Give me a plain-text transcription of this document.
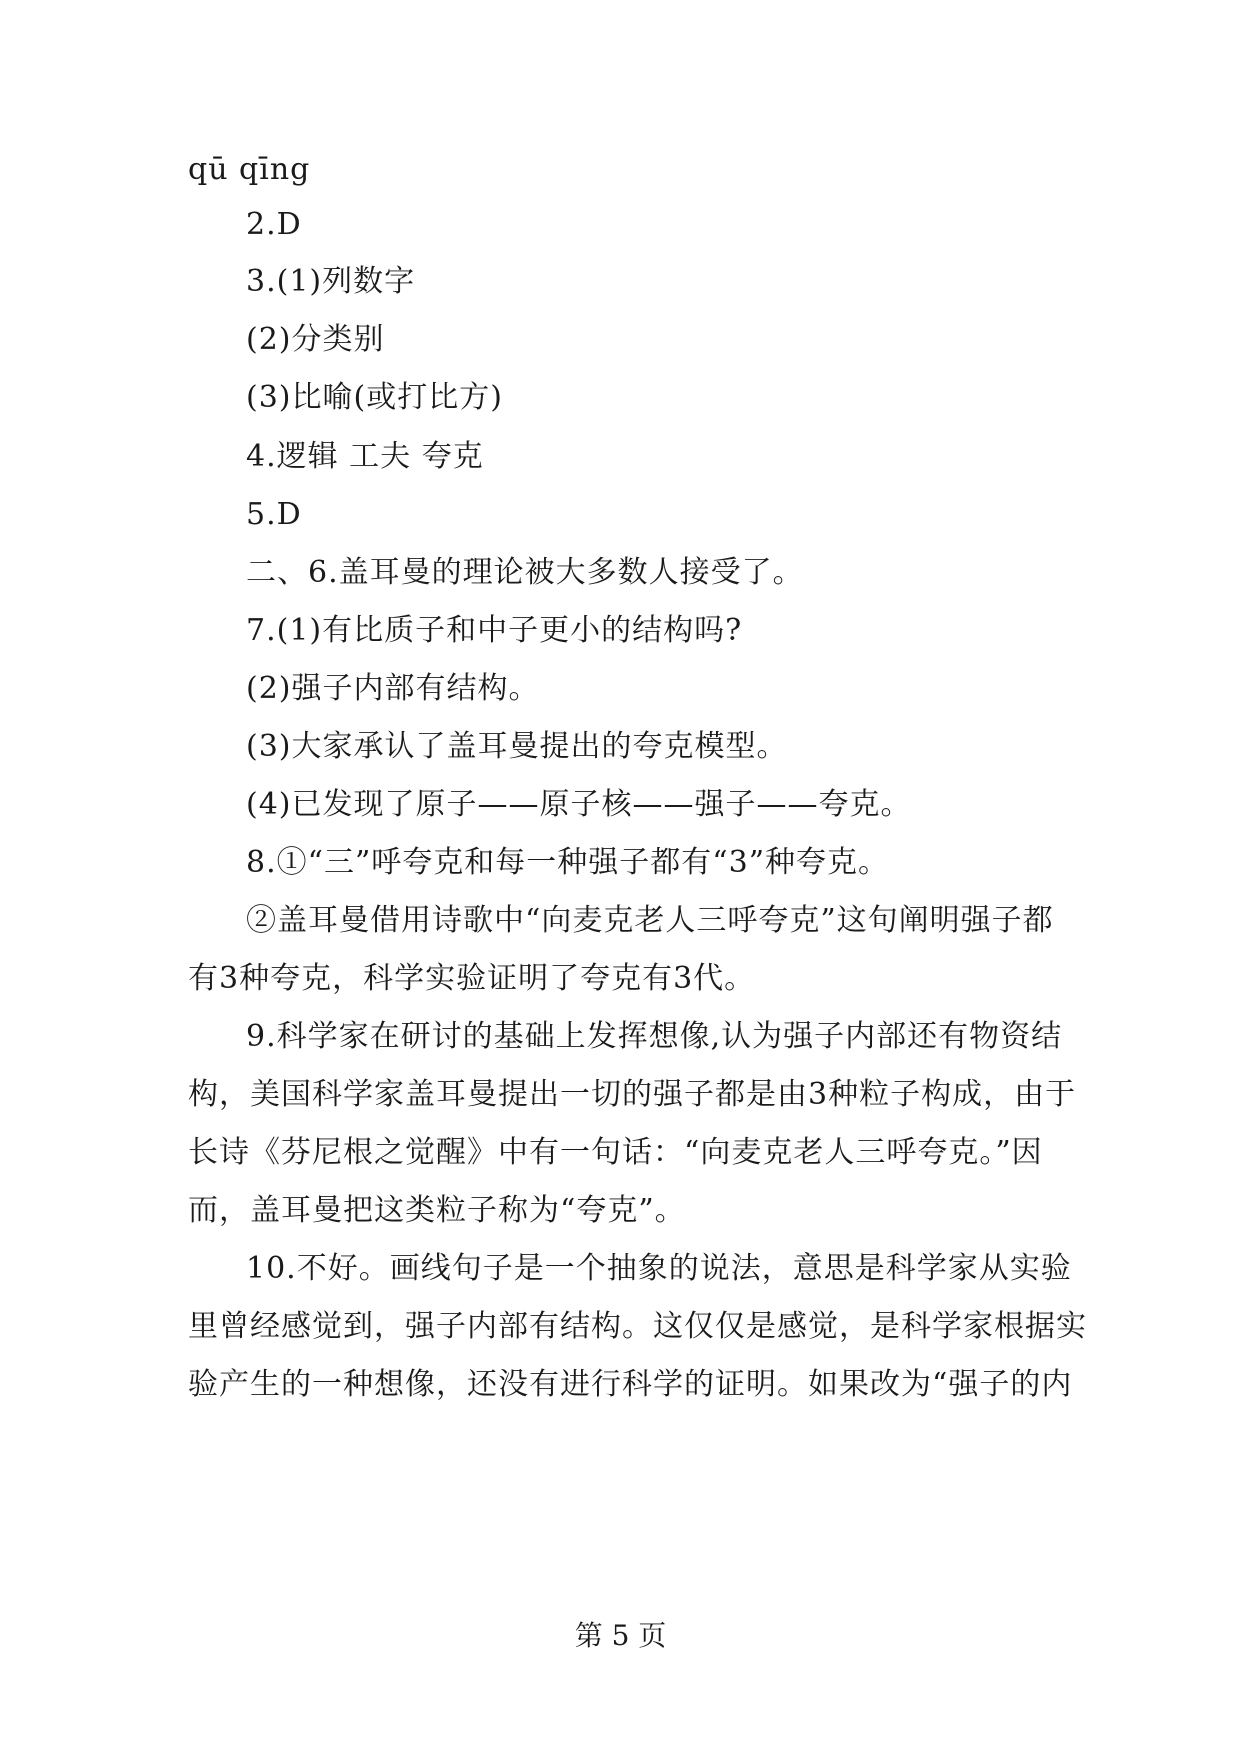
qū qīng
2.D
3.(1)列数字
(2)分类别
(3)比喻(或打比方)
4.逻辑 工夫 夸克
5.D
二、6.盖耳曼的理论被大多数人接受了。
7.(1)有比质子和中子更小的结构吗?
(2)强子内部有结构。
(3)大家承认了盖耳曼提出的夸克模型。
(4)已发现了原子——原子核——强子——夸克。
8.①“三”呼夸克和每一种强子都有“3”种夸克。
②盖耳曼借用诗歌中“向麦克老人三呼夸克”这句阐明强子都
有3种夸克，科学实验证明了夸克有3代。
9.科学家在研讨的基础上发挥想像,认为强子内部还有物资结
构，美国科学家盖耳曼提出一切的强子都是由3种粒子构成，由于
长诗《芬尼根之觉醒》中有一句话：“向麦克老人三呼夸克。”因
而，盖耳曼把这类粒子称为“夸克”。
10.不好。画线句子是一个抽象的说法，意思是科学家从实验
里曾经感觉到，强子内部有结构。这仅仅是感觉，是科学家根据实
验产生的一种想像，还没有进行科学的证明。如果改为“强子的内
第 5 页
